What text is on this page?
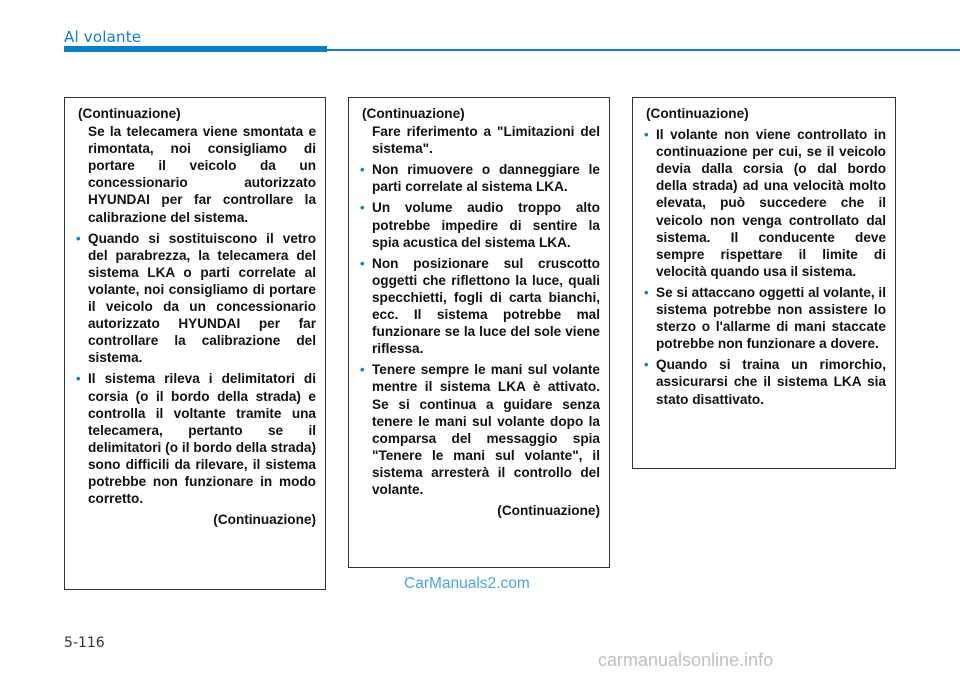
Al volante
(Continuazione)

Se la telecamera viene smontata e rimontata, noi consigliamo di portare il veicolo da un concessionario autorizzato HYUNDAI per far controllare la calibrazione del sistema.

• Quando si sostituiscono il vetro del parabrezza, la telecamera del sistema LKA o parti correlate al volante, noi consigliamo di portare il veicolo da un concessionario autorizzato HYUNDAI per far controllare la calibrazione del sistema.
• Il sistema rileva i delimitatori di corsia (o il bordo della strada) e controlla il voltante tramite una telecamera, pertanto se il delimitatori (o il bordo della strada) sono difficili da rilevare, il sistema potrebbe non funzionare in modo corretto.
(Continuazione)
(Continuazione)

Fare riferimento a "Limitazioni del sistema".

• Non rimuovere o danneggiare le parti correlate al sistema LKA.
• Un volume audio troppo alto potrebbe impedire di sentire la spia acustica del sistema LKA.
• Non posizionare sul cruscotto oggetti che riflettono la luce, quali specchietti, fogli di carta bianchi, ecc. Il sistema potrebbe mal funzionare se la luce del sole viene riflessa.
• Tenere sempre le mani sul volante mentre il sistema LKA è attivato. Se si continua a guidare senza tenere le mani sul volante dopo la comparsa del messaggio spia "Tenere le mani sul volante", il sistema arresterà il controllo del volante.
(Continuazione)
(Continuazione)
• Il volante non viene controllato in continuazione per cui, se il veicolo devia dalla corsia (o dal bordo della strada) ad una velocità molto elevata, può succedere che il veicolo non venga controllato dal sistema. Il conducente deve sempre rispettare il limite di velocità quando usa il sistema.
• Se si attaccano oggetti al volante, il sistema potrebbe non assistere lo sterzo o l'allarme di mani staccate potrebbe non funzionare a dovere.
• Quando si traina un rimorchio, assicurarsi che il sistema LKA sia stato disattivato.
CarManuals2.com
5-116
carmanualsonline.info
